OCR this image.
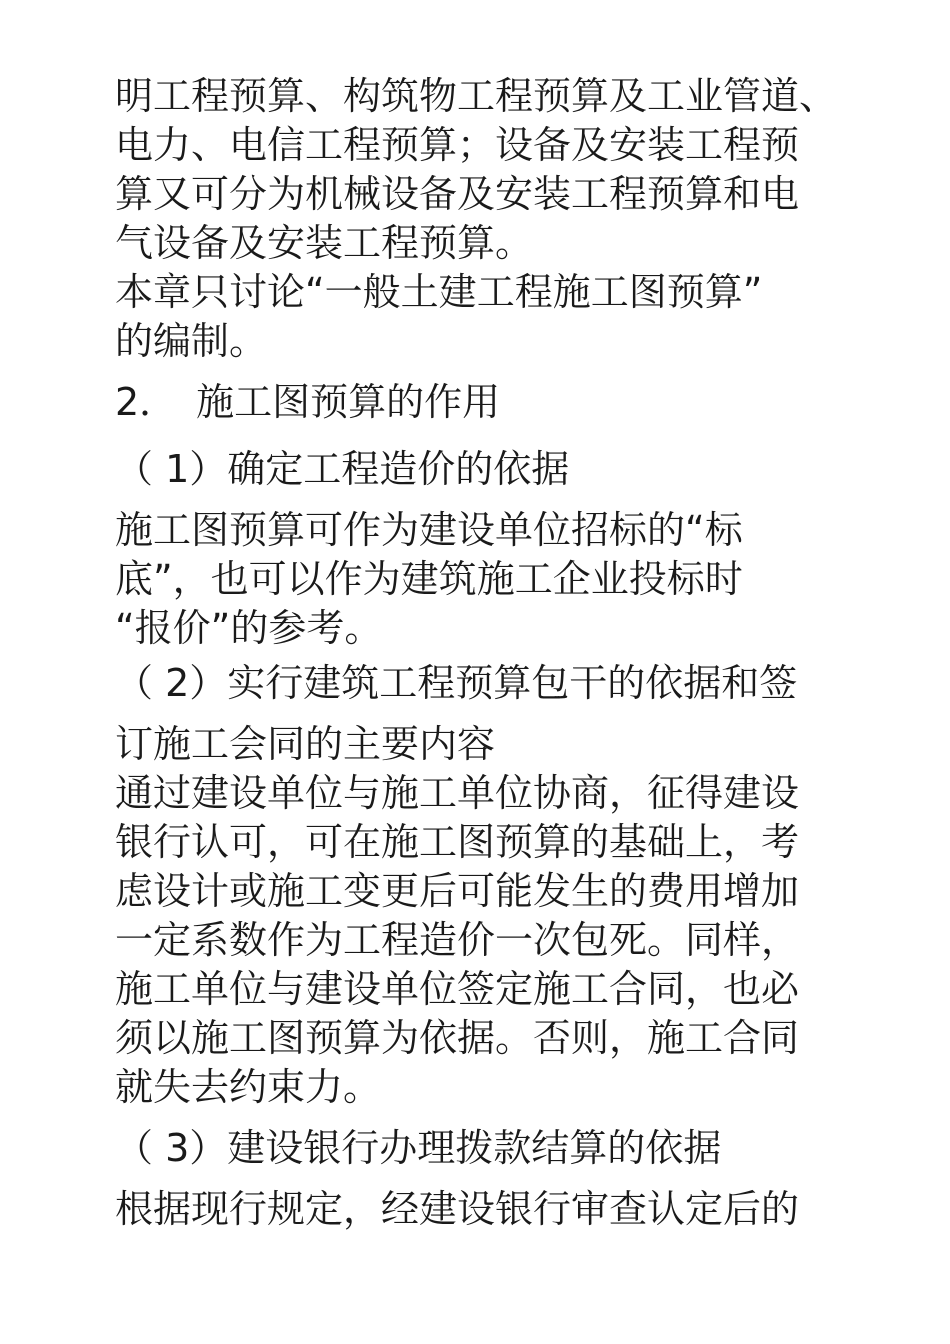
明工程预算、构筑物工程预算及工业管道、
电力、电信工程预算；设备及安装工程预
算又可分为机械设备及安装工程预算和电
气设备及安装工程预算。
本章只讨论“一般土建工程施工图预算”
的编制。
2．　施工图预算的作用
（ 1）确定工程造价的依据
施工图预算可作为建设单位招标的“标
底”，也可以作为建筑施工企业投标时
“报价”的参考。
（ 2）实行建筑工程预算包干的依据和签
订施工会同的主要内容
通过建设单位与施工单位协商，征得建设
银行认可，可在施工图预算的基础上，考
虑设计或施工变更后可能发生的费用增加
一定系数作为工程造价一次包死。同样，
施工单位与建设单位签定施工合同，也必
须以施工图预算为依据。否则，施工合同
就失去约束力。
（ 3）建设银行办理拨款结算的依据
根据现行规定，经建设银行审查认定后的
